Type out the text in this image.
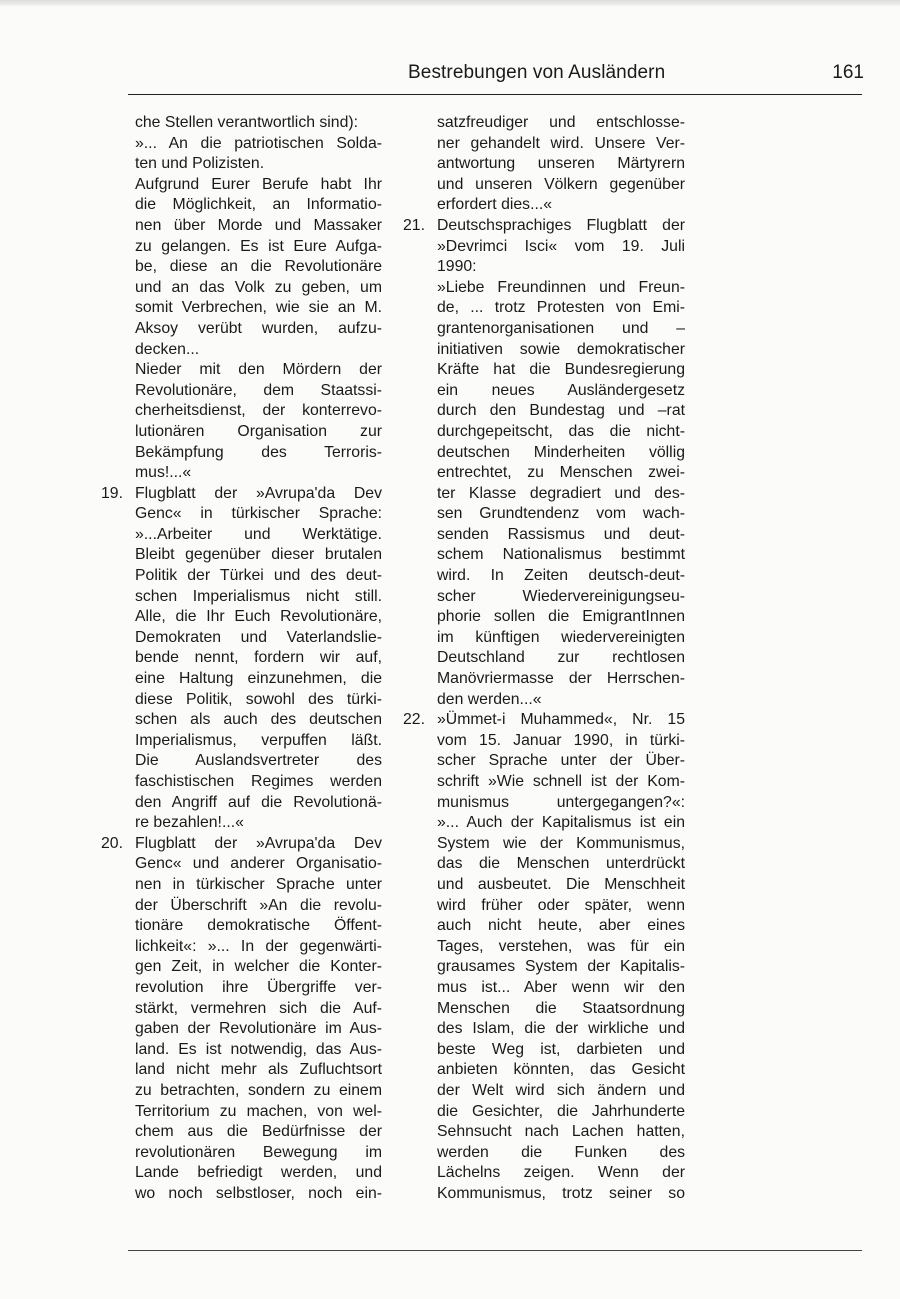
Bestrebungen von Ausländern	161
che Stellen verantwortlich sind):
»... An die patriotischen Solda-
ten und Polizisten.
Aufgrund Eurer Berufe habt Ihr
die Möglichkeit, an Informatio-
nen über Morde und Massaker
zu gelangen. Es ist Eure Aufga-
be, diese an die Revolutionäre
und an das Volk zu geben, um
somit Verbrechen, wie sie an M.
Aksoy verübt wurden, aufzu-
decken...
Nieder mit den Mördern der
Revolutionäre, dem Staatssi-
cherheitsdienst, der konterrevo-
lutionären Organisation zur
Bekämpfung des Terroris-
mus!...«
19. Flugblatt der »Avrupa'da Dev
Genc« in türkischer Sprache:
»...Arbeiter und Werktätige.
Bleibt gegenüber dieser brutalen
Politik der Türkei und des deut-
schen Imperialismus nicht still.
Alle, die Ihr Euch Revolutionäre,
Demokraten und Vaterlandslie-
bende nennt, fordern wir auf,
eine Haltung einzunehmen, die
diese Politik, sowohl des türki-
schen als auch des deutschen
Imperialismus, verpuffen läßt.
Die Auslandsvertreter des
faschistischen Regimes werden
den Angriff auf die Revolutionä-
re bezahlen!...«
20. Flugblatt der »Avrupa'da Dev
Genc« und anderer Organisatio-
nen in türkischer Sprache unter
der Überschrift »An die revolu-
tionäre demokratische Öffent-
lichkeit«: »... In der gegenwärti-
gen Zeit, in welcher die Konter-
revolution ihre Übergriffe ver-
stärkt, vermehren sich die Auf-
gaben der Revolutionäre im Aus-
land. Es ist notwendig, das Aus-
land nicht mehr als Zufluchtsort
zu betrachten, sondern zu einem
Territorium zu machen, von wel-
chem aus die Bedürfnisse der
revolutionären Bewegung im
Lande befriedigt werden, und
wo noch selbstloser, noch ein-
satzfreudiger und entschlosse-
ner gehandelt wird. Unsere Ver-
antwortung unseren Märtyrern
und unseren Völkern gegenüber
erfordert dies...«
21. Deutschsprachiges Flugblatt der
»Devrimci Isci« vom 19. Juli
1990:
»Liebe Freundinnen und Freun-
de, ... trotz Protesten von Emi-
grantenorganisationen und –
initiativen sowie demokratischer
Kräfte hat die Bundesregierung
ein neues Ausländergesetz
durch den Bundestag und –rat
durchgepeitscht, das die nicht-
deutschen Minderheiten völlig
entrechtet, zu Menschen zwei-
ter Klasse degradiert und des-
sen Grundtendenz vom wach-
senden Rassismus und deut-
schem Nationalismus bestimmt
wird. In Zeiten deutsch-deut-
scher Wiedervereinigungseu-
phorie sollen die EmigrantInnen
im künftigen wiedervereinigten
Deutschland zur rechtlosen
Manövriermasse der Herrschen-
den werden...«
22. »Ümmet-i Muhammed«, Nr. 15
vom 15. Januar 1990, in türki-
scher Sprache unter der Über-
schrift »Wie schnell ist der Kom-
munismus untergegangen?«:
»... Auch der Kapitalismus ist ein
System wie der Kommunismus,
das die Menschen unterdrückt
und ausbeutet. Die Menschheit
wird früher oder später, wenn
auch nicht heute, aber eines
Tages, verstehen, was für ein
grausames System der Kapitalis-
mus ist... Aber wenn wir den
Menschen die Staatsordnung
des Islam, die der wirkliche und
beste Weg ist, darbieten und
anbieten könnten, das Gesicht
der Welt wird sich ändern und
die Gesichter, die Jahrhunderte
Sehnsucht nach Lachen hatten,
werden die Funken des
Lächelns zeigen. Wenn der
Kommunismus, trotz seiner so
